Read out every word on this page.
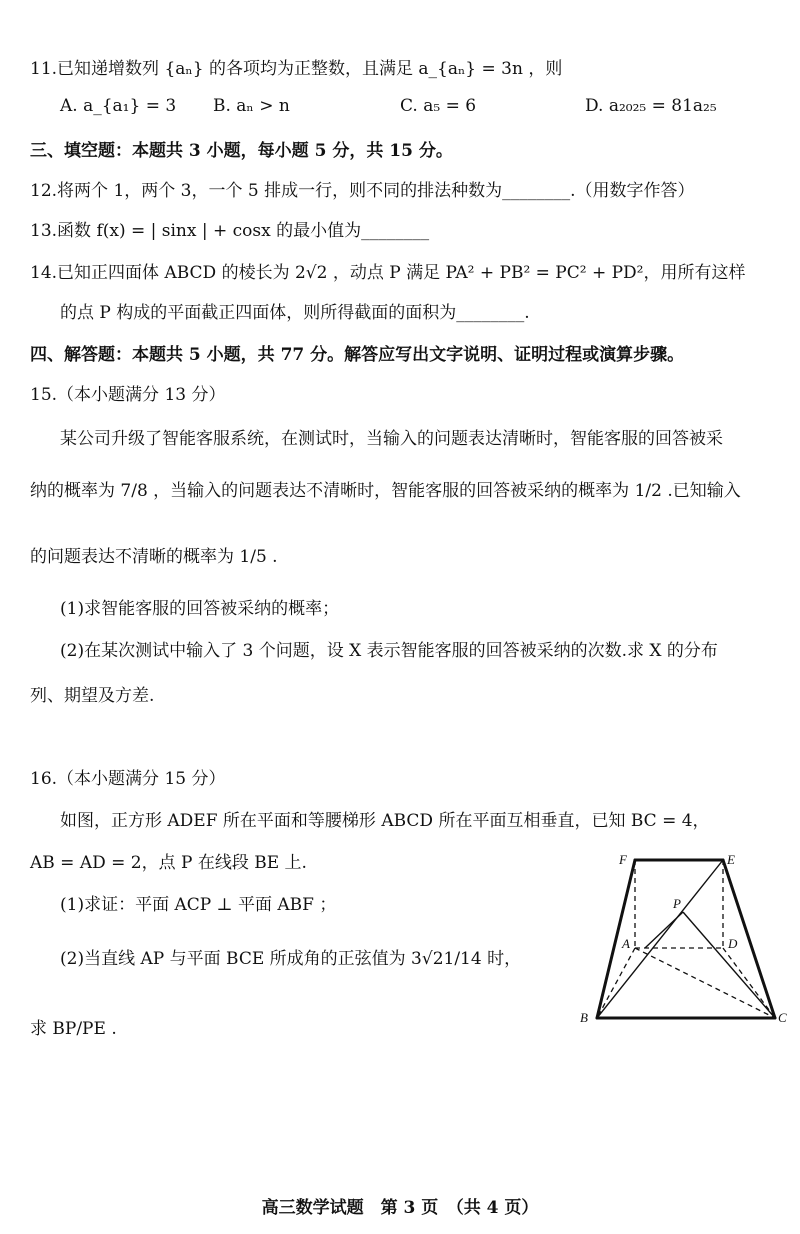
11.已知递增数列 {aₙ} 的各项均为正整数，且满足 a_{aₙ} = 3n ，则
A. a_{a₁} = 3 B. aₙ > n	C. a₅ = 6	D. a₂₀₂₅ = 81a₂₅
三、填空题：本题共 3 小题，每小题 5 分，共 15 分。
12.将两个 1，两个 3，一个 5 排成一行，则不同的排法种数为________.（用数字作答）
13.函数 f(x) = | sinx | + cosx 的最小值为________
14.已知正四面体 ABCD 的棱长为 2√2 ，动点 P 满足 PA² + PB² = PC² + PD²，用所有这样
的点 P 构成的平面截正四面体，则所得截面的面积为________.
四、解答题：本题共 5 小题，共 77 分。解答应写出文字说明、证明过程或演算步骤。
15.（本小题满分 13 分）
某公司升级了智能客服系统，在测试时，当输入的问题表达清晰时，智能客服的回答被采
纳的概率为 7/8 ，当输入的问题表达不清晰时，智能客服的回答被采纳的概率为 1/2 .已知输入
的问题表达不清晰的概率为 1/5 .
(1)求智能客服的回答被采纳的概率；
(2)在某次测试中输入了 3 个问题，设 X 表示智能客服的回答被采纳的次数.求 X 的分布
列、期望及方差.
16.（本小题满分 15 分）
如图，正方形 ADEF 所在平面和等腰梯形 ABCD 所在平面互相垂直，已知 BC = 4，
AB = AD = 2，点 P 在线段 BE 上.
(1)求证：平面 ACP ⊥ 平面 ABF ；
(2)当直线 AP 与平面 BCE 所成角的正弦值为 3√21/14 时，
求 BP/PE .
F	E
P
A	D
B	C
高三数学试题　第 3 页　（共 4 页）
